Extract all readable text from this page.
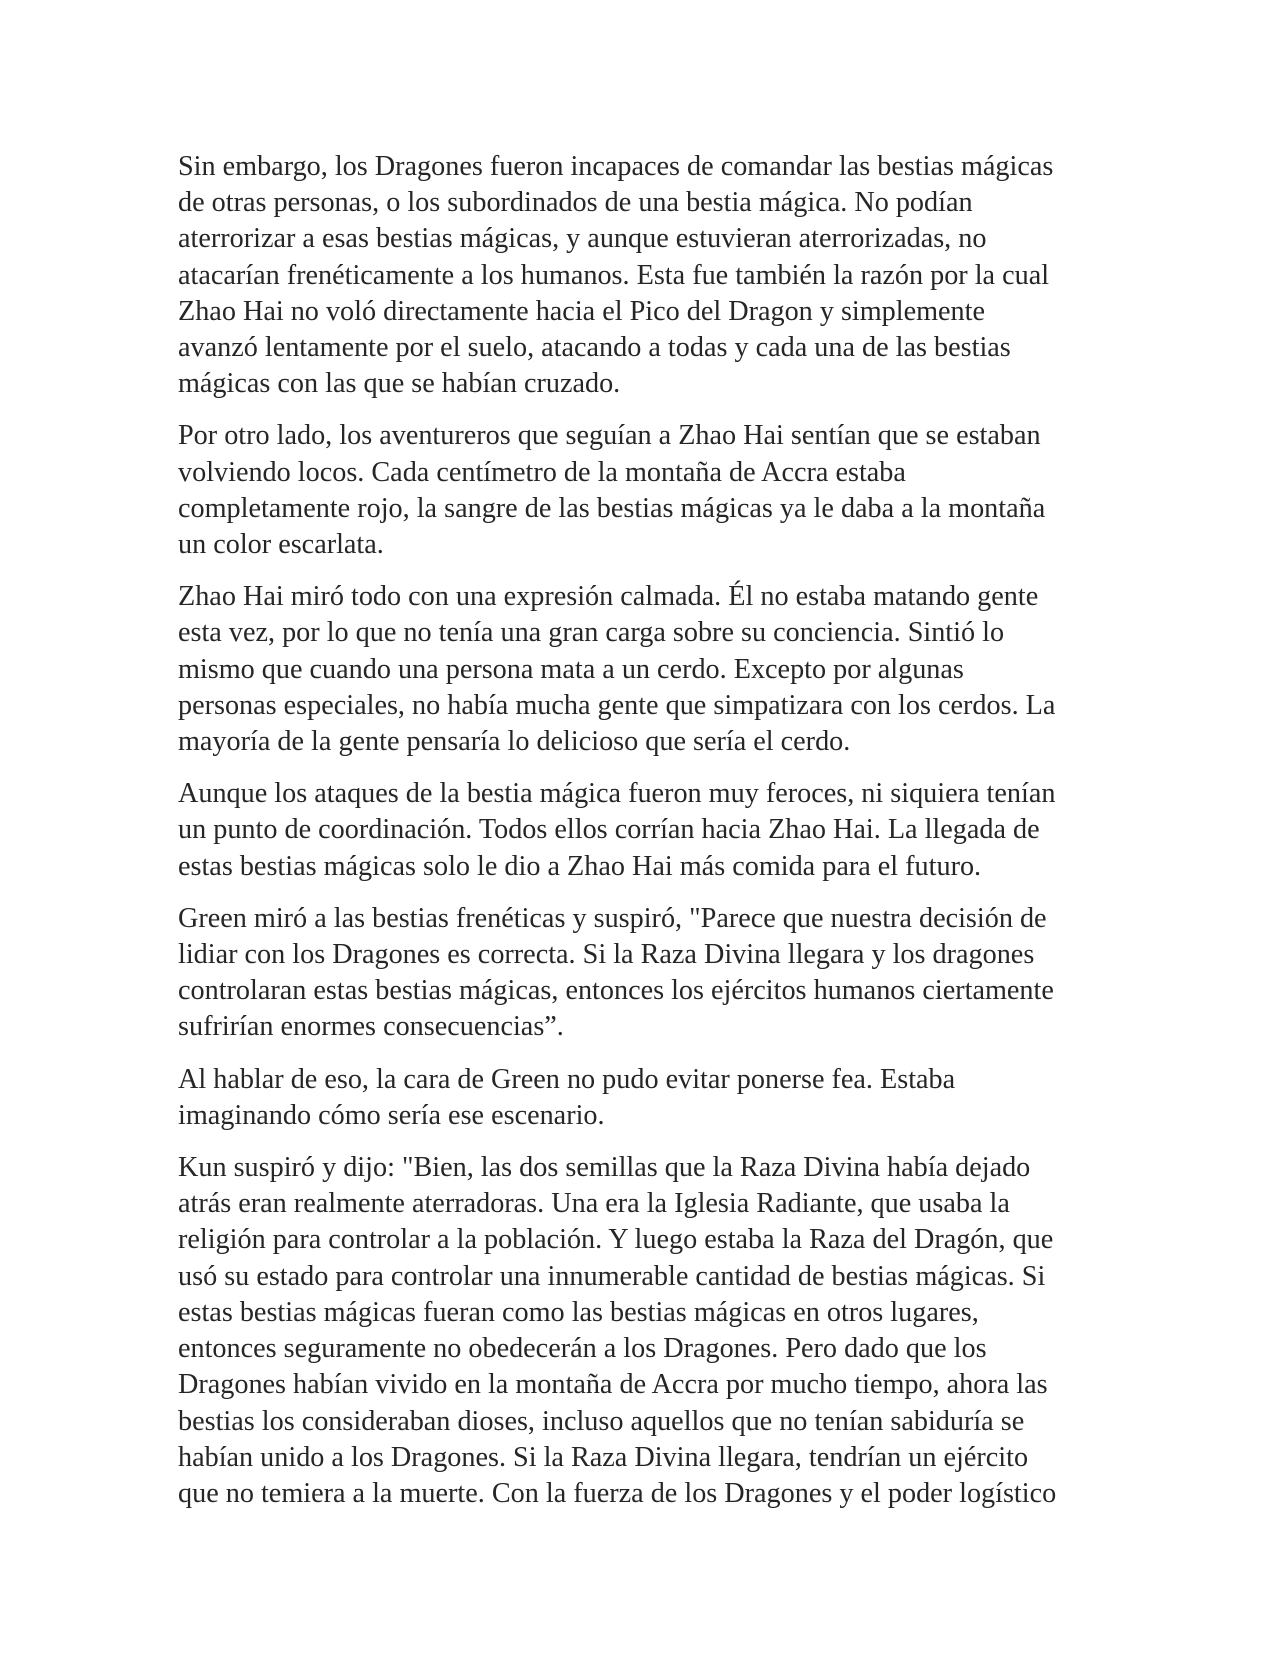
Sin embargo, los Dragones fueron incapaces de comandar las bestias mágicas
de otras personas, o los subordinados de una bestia mágica. No podían
aterrorizar a esas bestias mágicas, y aunque estuvieran aterrorizadas, no
atacarían frenéticamente a los humanos. Esta fue también la razón por la cual
Zhao Hai no voló directamente hacia el Pico del Dragon y simplemente
avanzó lentamente por el suelo, atacando a todas y cada una de las bestias
mágicas con las que se habían cruzado.

Por otro lado, los aventureros que seguían a Zhao Hai sentían que se estaban
volviendo locos. Cada centímetro de la montaña de Accra estaba
completamente rojo, la sangre de las bestias mágicas ya le daba a la montaña
un color escarlata.

Zhao Hai miró todo con una expresión calmada. Él no estaba matando gente
esta vez, por lo que no tenía una gran carga sobre su conciencia. Sintió lo
mismo que cuando una persona mata a un cerdo. Excepto por algunas
personas especiales, no había mucha gente que simpatizara con los cerdos. La
mayoría de la gente pensaría lo delicioso que sería el cerdo.

Aunque los ataques de la bestia mágica fueron muy feroces, ni siquiera tenían
un punto de coordinación. Todos ellos corrían hacia Zhao Hai. La llegada de
estas bestias mágicas solo le dio a Zhao Hai más comida para el futuro.

Green miró a las bestias frenéticas y suspiró, "Parece que nuestra decisión de
lidiar con los Dragones es correcta. Si la Raza Divina llegara y los dragones
controlaran estas bestias mágicas, entonces los ejércitos humanos ciertamente
sufrirían enormes consecuencias”.

Al hablar de eso, la cara de Green no pudo evitar ponerse fea. Estaba
imaginando cómo sería ese escenario.

Kun suspiró y dijo: "Bien, las dos semillas que la Raza Divina había dejado
atrás eran realmente aterradoras. Una era la Iglesia Radiante, que usaba la
religión para controlar a la población. Y luego estaba la Raza del Dragón, que
usó su estado para controlar una innumerable cantidad de bestias mágicas. Si
estas bestias mágicas fueran como las bestias mágicas en otros lugares,
entonces seguramente no obedecerán a los Dragones. Pero dado que los
Dragones habían vivido en la montaña de Accra por mucho tiempo, ahora las
bestias los consideraban dioses, incluso aquellos que no tenían sabiduría se
habían unido a los Dragones. Si la Raza Divina llegara, tendrían un ejército
que no temiera a la muerte. Con la fuerza de los Dragones y el poder logístico
